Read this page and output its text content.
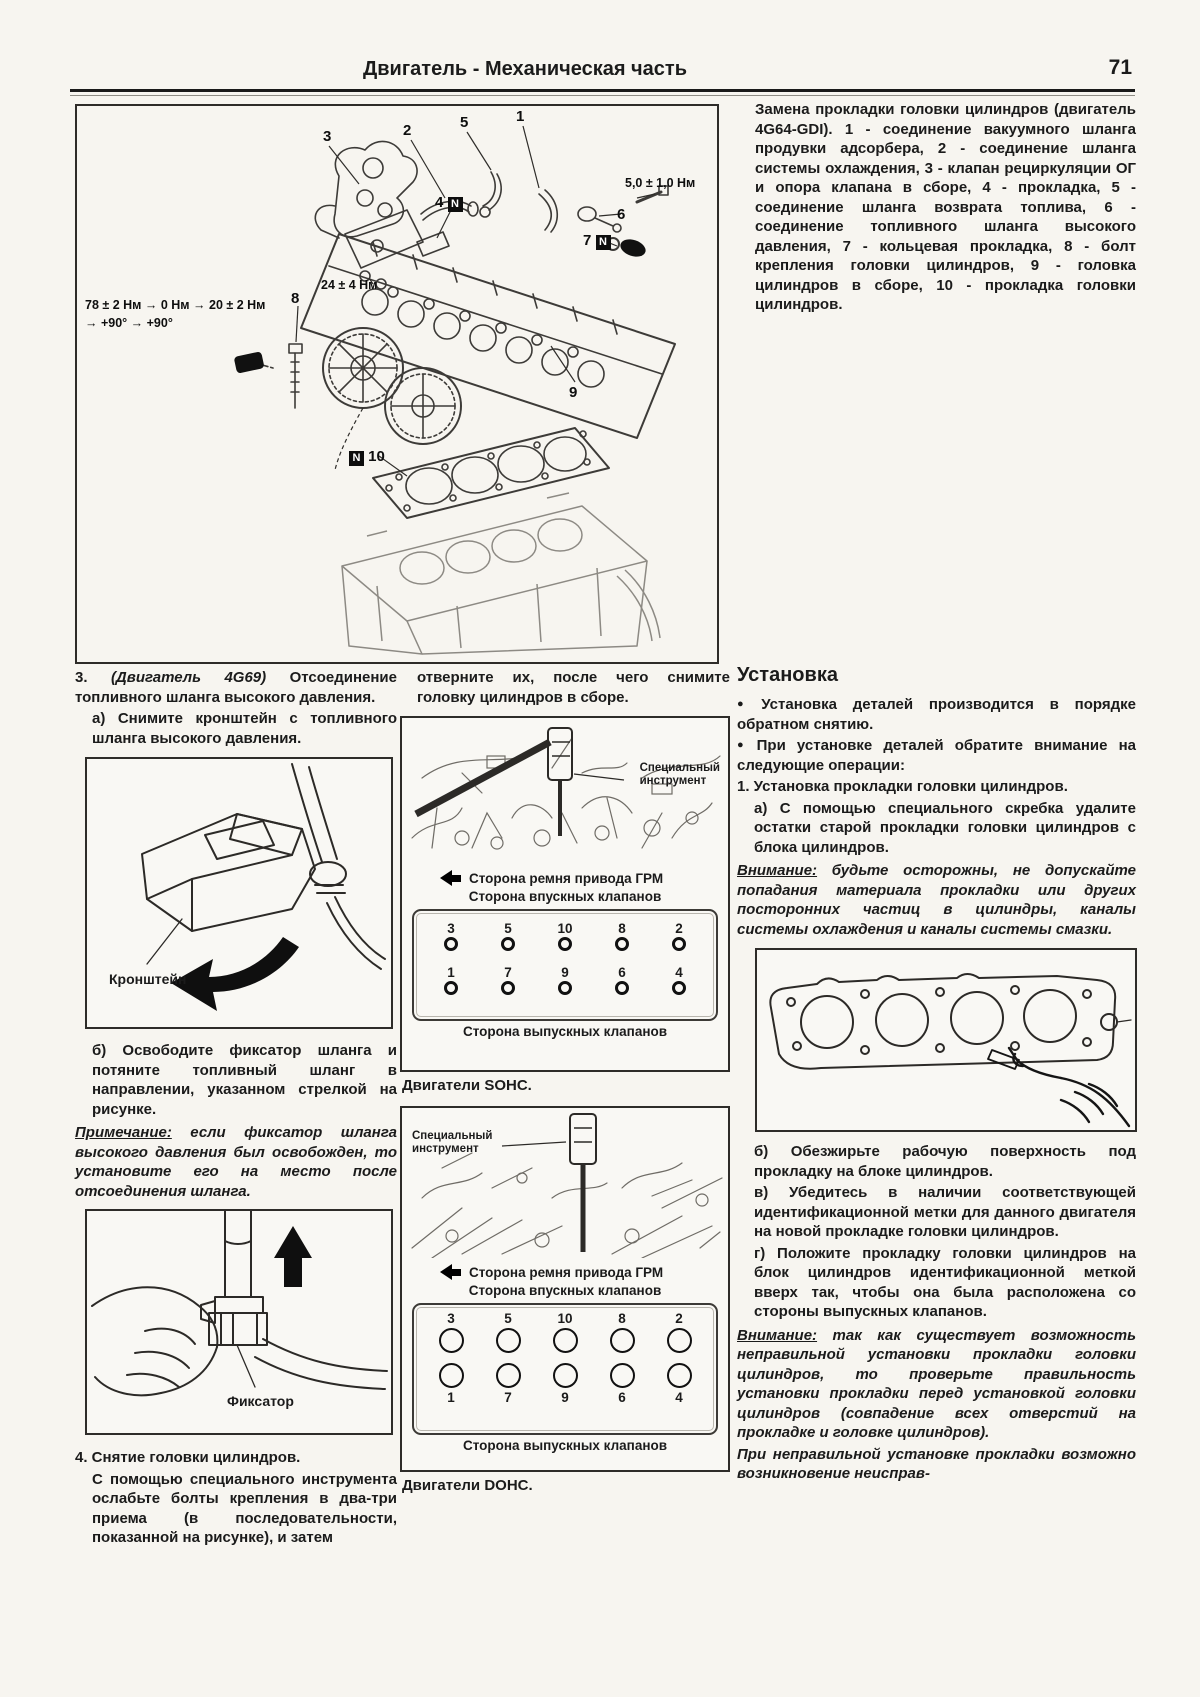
Двигатель - Механическая часть	71
3	2	5	1
4 N
5,0 ± 1,0 Нм
6
7 N
24 ± 4 Нм
78 ± 2 Нм → 0 Нм → 20 ± 2 Нм
→ +90° → +90°
8
9
N 10

Замена прокладки головки цилиндров (двигатель 4G64-GDI). 1 - соединение вакуумного шланга продувки адсорбера, 2 - соединение шланга системы охлаждения, 3 - клапан рециркуляции ОГ и опора клапана в сборе, 4 - прокладка, 5 - соединение шланга возврата топлива, 6 - соединение топливного шланга высокого давления, 7 - кольцевая прокладка, 8 - болт крепления головки цилиндров, 9 - головка цилиндров в сборе, 10 - прокладка головки цилиндров.

3. (Двигатель 4G69) Отсоединение топливного шланга высокого давления.

а) Снимите кронштейн с топливного шланга высокого давления.

Кронштейн

б) Освободите фиксатор шланга и потяните топливный шланг в направлении, указанном стрелкой на рисунке.

Примечание: если фиксатор шланга высокого давления был освобожден, то установите его на место после отсоединения шланга.

Фиксатор

4. Снятие головки цилиндров.

С помощью специального инструмента ослабьте болты крепления в два-три приема (в последовательности, показанной на рисунке), и затем

отверните их, после чего снимите головку цилиндров в сборе.

Специальный
инструмент
Сторона ремня привода ГРМ
Сторона впускных клапанов
3	5	10	8	2
1	7	9	6	4
Сторона выпускных клапанов
Двигатели SOHC.
Специальный
инструмент
Сторона ремня привода ГРМ
Сторона впускных клапанов
3	5	10	8	2
1	7	9	6	4
Сторона выпускных клапанов
Двигатели DOHC.
Установка

● Установка деталей производится в порядке обратном снятию.

● При установке деталей обратите внимание на следующие операции:

1. Установка прокладки головки цилиндров.

а) С помощью специального скребка удалите остатки старой прокладки головки цилиндров с блока цилиндров.

Внимание: будьте осторожны, не допускайте попадания материала прокладки или других посторонних частиц в цилиндры, каналы системы охлаждения и каналы системы смазки.

б) Обезжирьте рабочую поверхность под прокладку на блоке цилиндров.

в) Убедитесь в наличии соответствующей идентификационной метки для данного двигателя на новой прокладке головки цилиндров.

г) Положите прокладку головки цилиндров на блок цилиндров идентификационной меткой вверх так, чтобы она была расположена со стороны выпускных клапанов.

Внимание: так как существует возможность неправильной установки прокладки головки цилиндров, то проверьте правильность установки прокладки перед установкой головки цилиндров (совпадение всех отверстий на прокладке и головке цилиндров).

При неправильной установке прокладки возможно возникновение неисправ-
